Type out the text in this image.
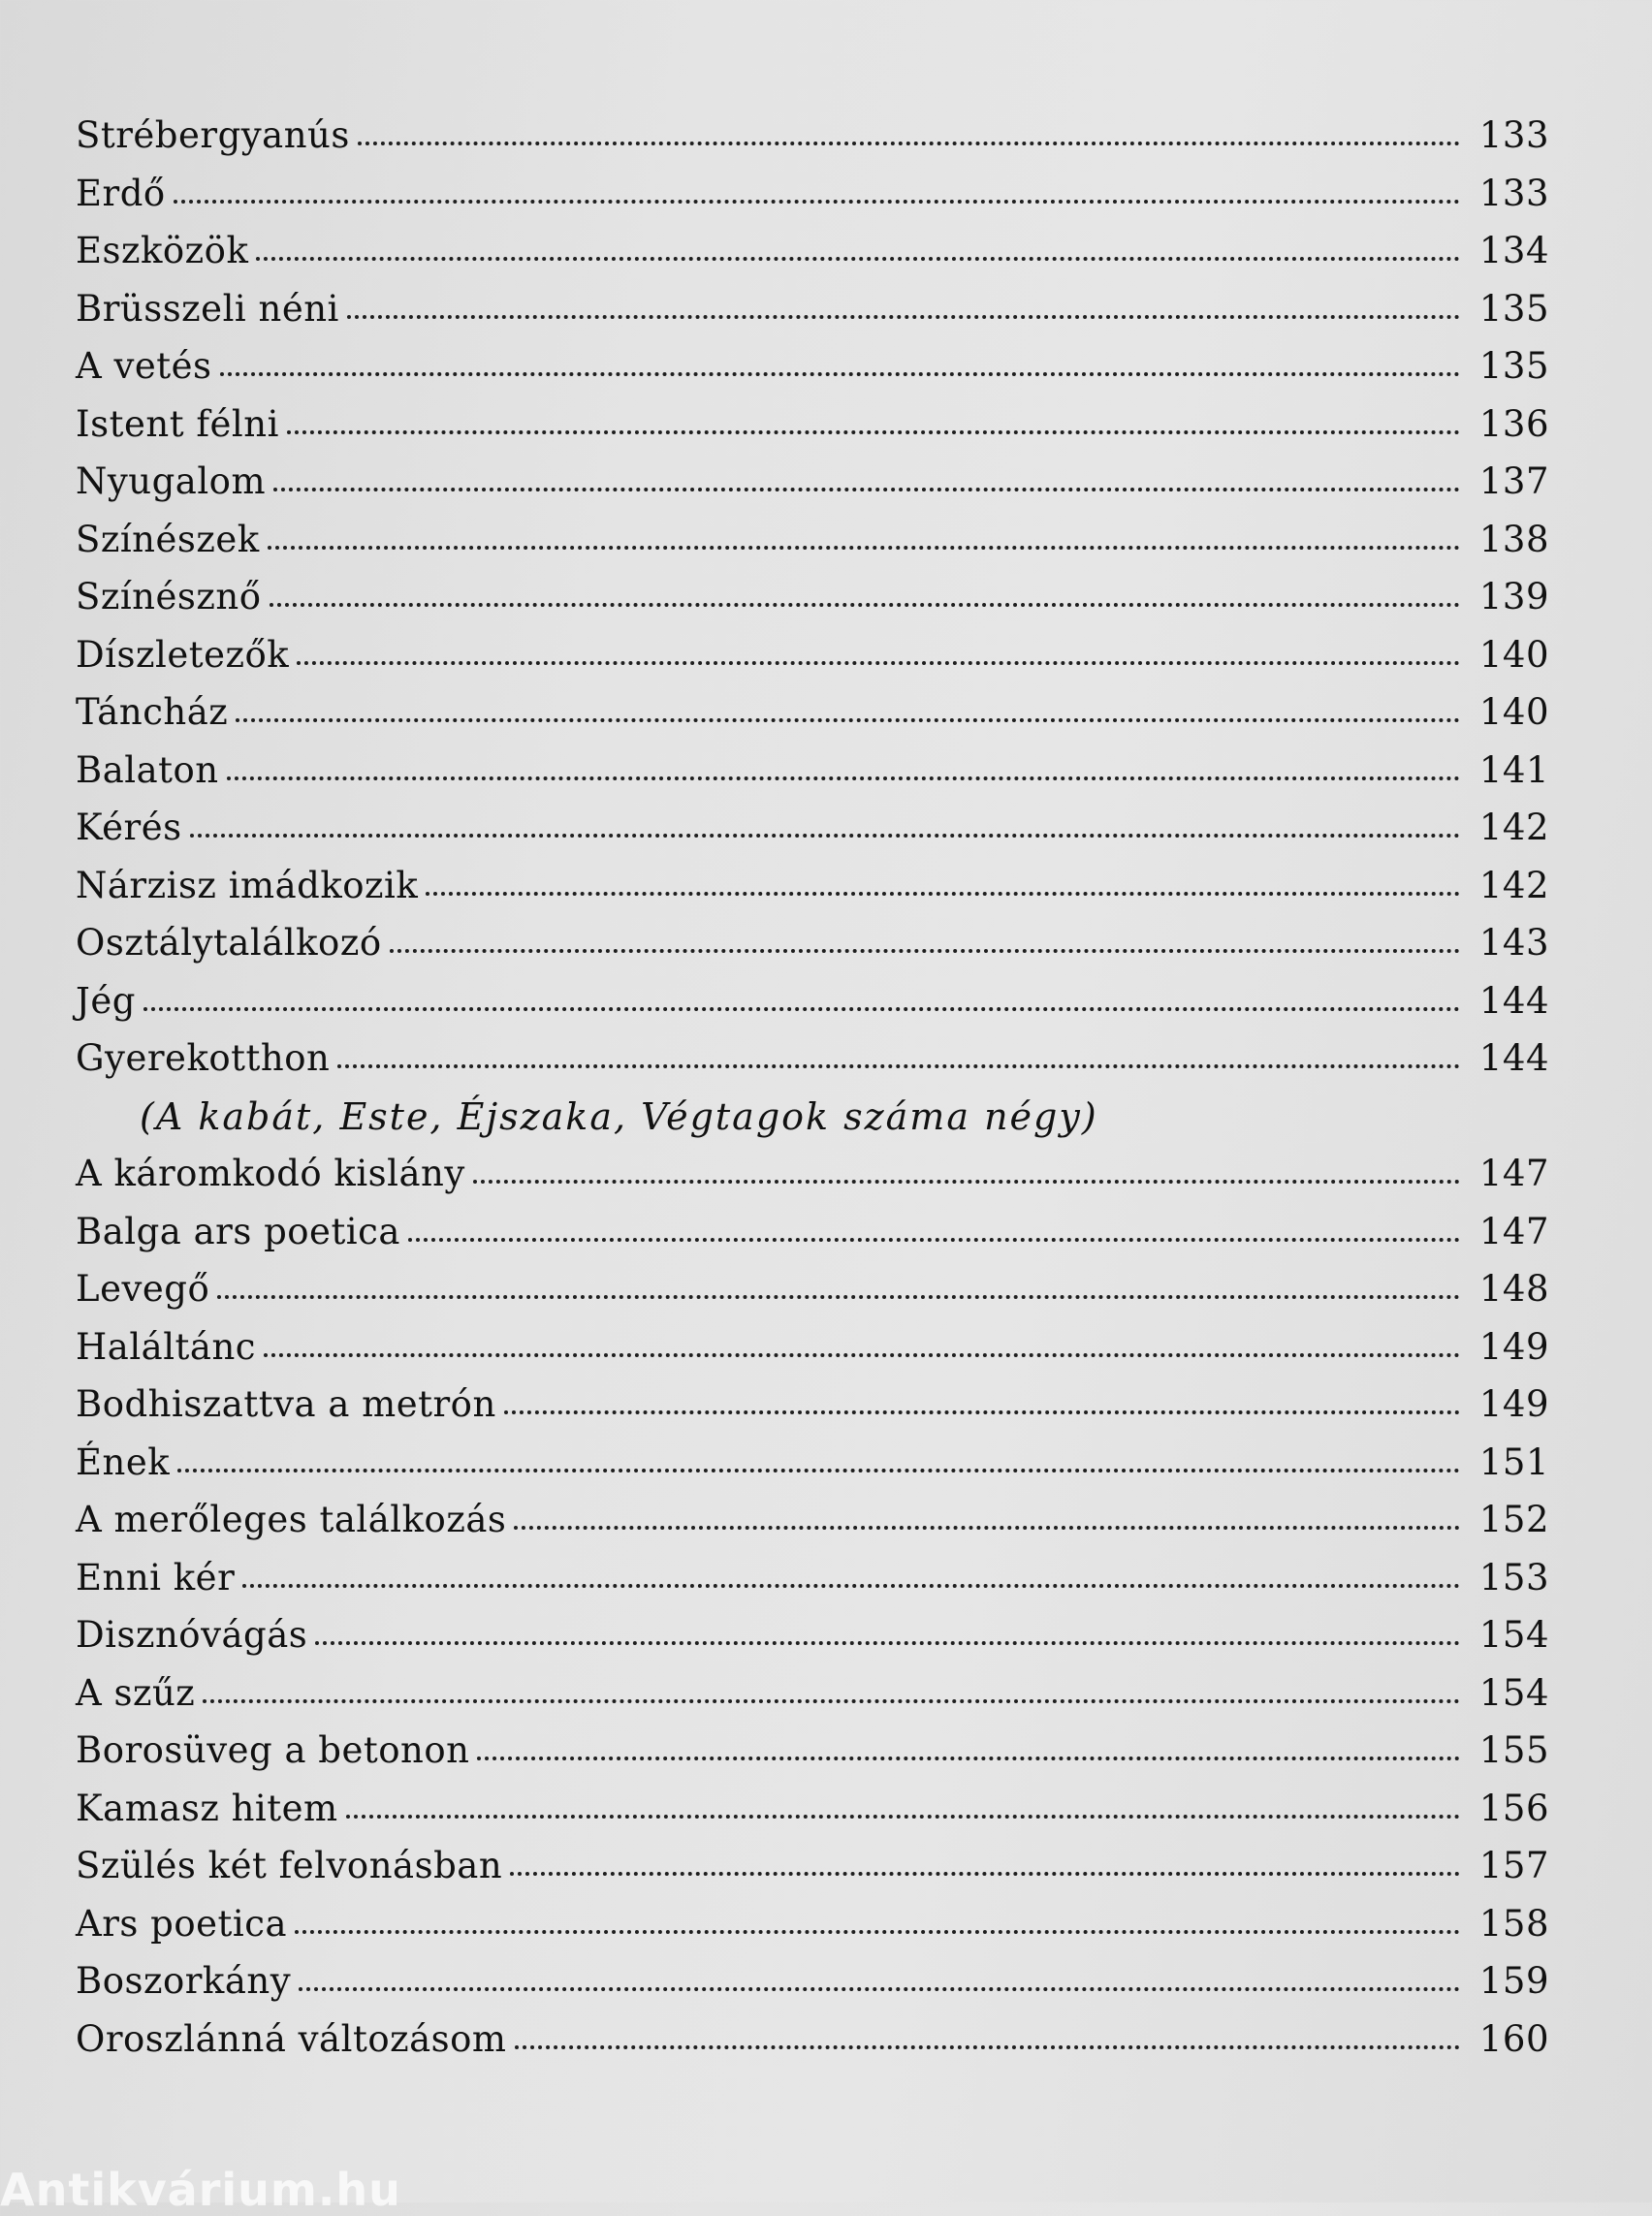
Strébergyanús	133
Erdő	133
Eszközök	134
Brüsszeli néni	135
A vetés	135
Istent félni	136
Nyugalom	137
Színészek	138
Színésznő	139
Díszletezők	140
Táncház	140
Balaton	141
Kérés	142
Nárzisz imádkozik	142
Osztálytalálkozó	143
Jég	144
Gyerekotthon	144
(A kabát, Este, Éjszaka, Végtagok száma négy)
A káromkodó kislány	147
Balga ars poetica	147
Levegő	148
Haláltánc	149
Bodhiszattva a metrón	149
Ének	151
A merőleges találkozás	152
Enni kér	153
Disznóvágás	154
A szűz	154
Borosüveg a betonon	155
Kamasz hitem	156
Szülés két felvonásban	157
Ars poetica	158
Boszorkány	159
Oroszlánná változásom	160
Antikvárium.hu
